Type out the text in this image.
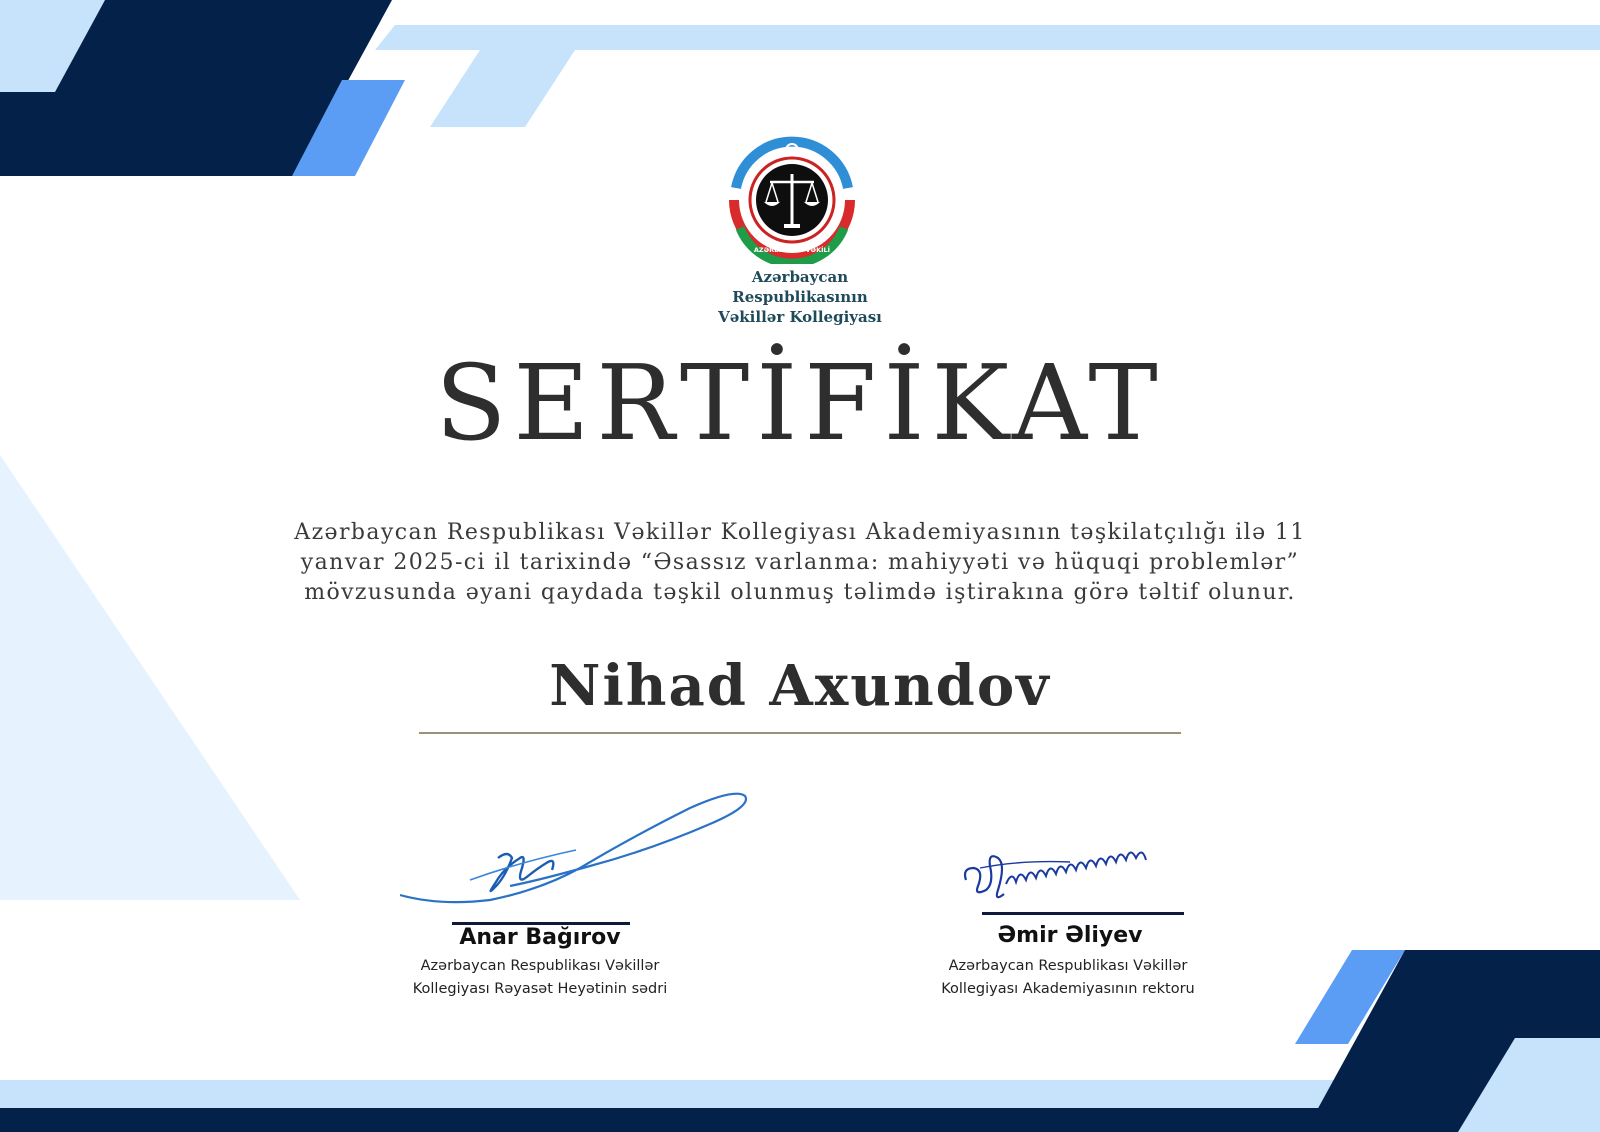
AZƏRBAYCAN VƏKİLİ
Azərbaycan
Respublikasının
Vəkillər Kollegiyası
SERTİFİKAT
Azərbaycan Respublikası Vəkillər Kollegiyası Akademiyasının təşkilatçılığı ilə 11
yanvar 2025-ci il tarixində “Əsassız varlanma: mahiyyəti və hüquqi problemlər”
mövzusunda əyani qaydada təşkil olunmuş təlimdə iştirakına görə təltif olunur.
Nihad Axundov
Anar Bağırov
Azərbaycan Respublikası Vəkillər
Kollegiyası Rəyasət Heyətinin sədri
Əmir Əliyev
Azərbaycan Respublikası Vəkillər
Kollegiyası Akademiyasının rektoru
